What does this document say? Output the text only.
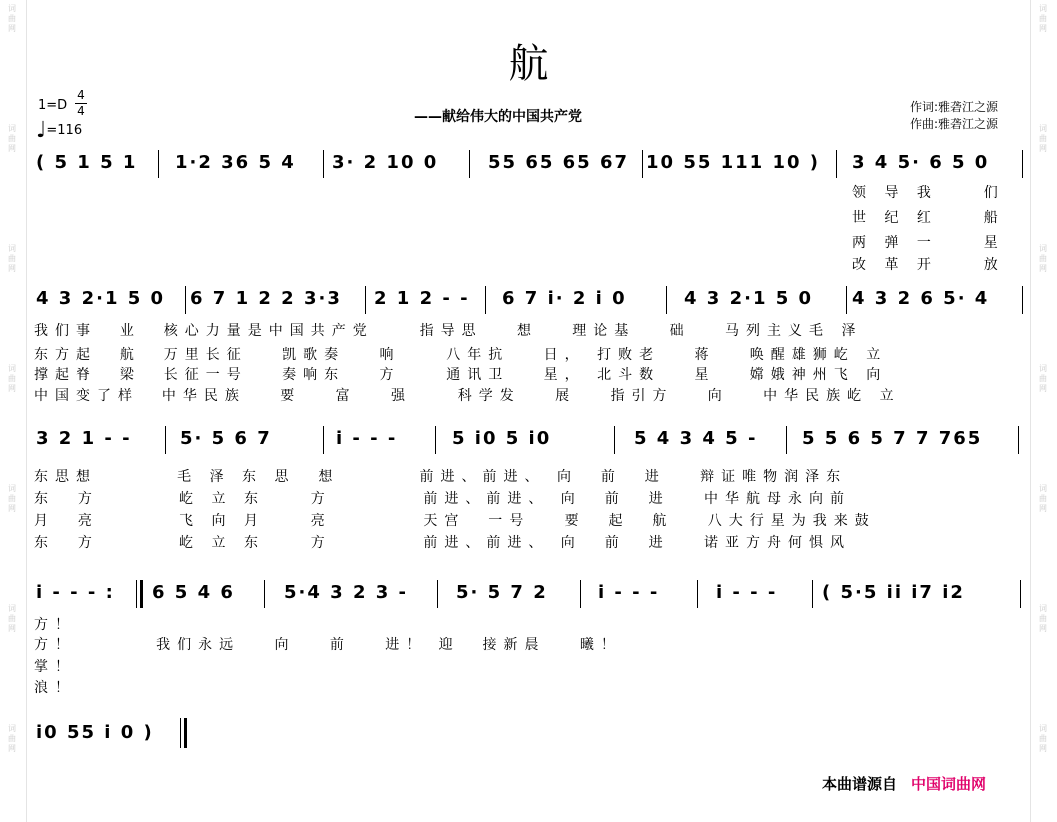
词曲网
词曲网
词曲网
词曲网
词曲网
词曲网
词曲网
词曲网
词曲网
词曲网
词曲网
词曲网
词曲网
词曲网
航
——献给伟大的中国共产党
1=D
4
4
♩=116
作词:雅砻江之源
作曲:雅砻江之源
( 5 1 5 1 1·2 36 5 4 3· 2 10 0	55 65 65 67 10 55 111 10 ) 3 4 5· 6 5 0
领 导 我    们
世 纪 红    船
两 弹 一    星
改 革 开    放
4 3 2·1 5 0 6 7 1 2 2 3·3 2 1 2 - - 6 7 i· 2 i 0	4 3 2·1 5 0 4 3 2 6 5· 4
我们事  业  核心力量是中国共产党    指导思   想   理论基   础   马列主义毛 泽
东方起  航  万里长征   凯歌奏   响    八年抗   日， 打败老   蒋   唤醒雄狮屹 立
撑起脊  梁  长征一号   奏响东   方    通讯卫   星， 北斗数   星   嫦娥神州飞 向
中国变了样  中华民族   要   富   强    科学发   展   指引方   向   中华民族屹 立
3 2 1 - -	5· 5 6 7	i - - -	5 i0 5 i0	5 4 3 4 5 - 5 5 6 5 7 7 765
东思想       毛 泽 东 思  想       前进、前进、 向  前  进   辩证唯物润泽东
东  方       屹 立 东    方        前进、前进、 向  前  进   中华航母永向前
月  亮       飞 向 月    亮        天宫  一号   要  起  航   八大行星为我来鼓
东  方       屹 立 东    方        前进、前进、 向  前  进   诺亚方舟何惧风
i - - - : 6 5 4 6	5·4 3 2 3 -	5· 5 7 2	i - - -	i - - - ( 5·5 ii i7 i2
方！
方！       我们永远   向   前   进！ 迎  接新晨   曦！
掌！
浪！
i0 55 i 0 )
本曲谱源自 中国词曲网
